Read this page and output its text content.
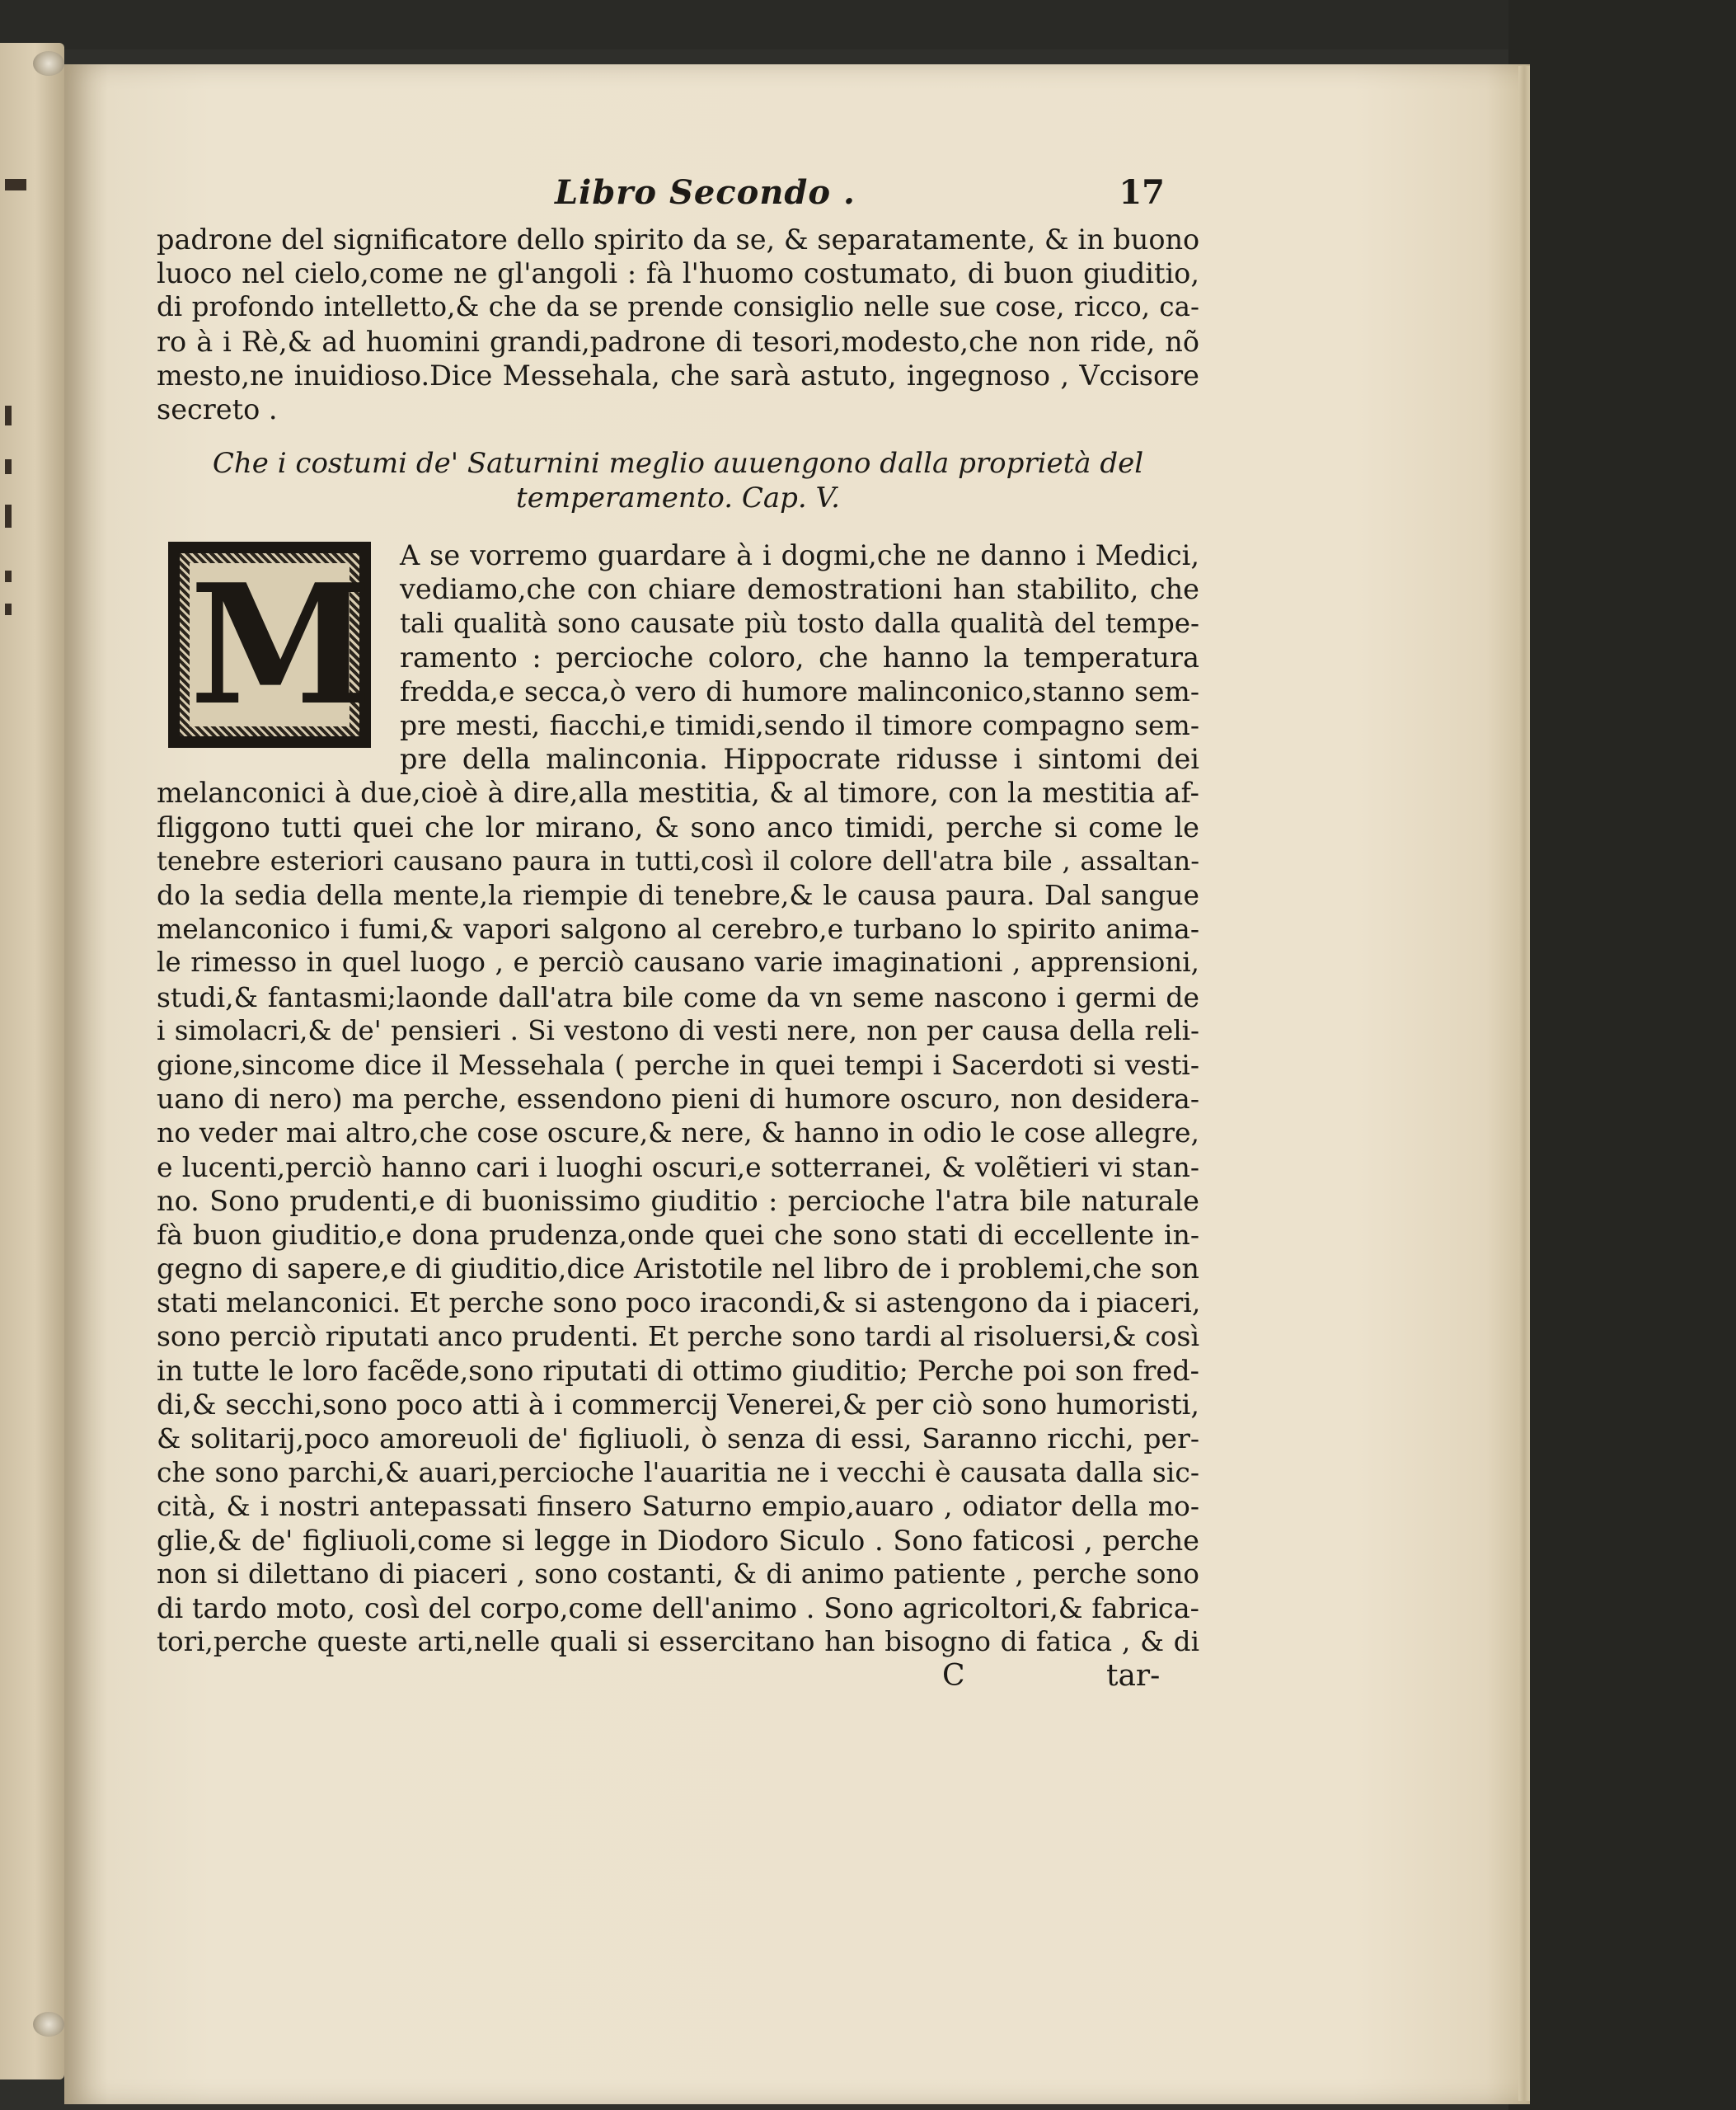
Libro Secondo .	17
padrone del significatore dello spirito da se, & separatamente, & in buono
luoco nel cielo,come ne gl'angoli : fà l'huomo costumato, di buon giuditio,
di profondo intelletto,& che da se prende consiglio nelle sue cose, ricco, ca-
ro à i Rè,& ad huomini grandi,padrone di tesori,modesto,che non ride, nõ
mesto,ne inuidioso.Dice Messehala, che sarà astuto, ingegnoso , Vccisore
secreto .
Che i costumi de' Saturnini meglio auuengono dalla proprietà del
temperamento. Cap. V.
M	A se vorremo guardare à i dogmi,che ne danno i Medici,
vediamo,che con chiare demostrationi han stabilito, che
tali qualità sono causate più tosto dalla qualità del tempe-
ramento : percioche coloro, che hanno la temperatura
fredda,e secca,ò vero di humore malinconico,stanno sem-
pre mesti, fiacchi,e timidi,sendo il timore compagno sem-
pre della malinconia. Hippocrate ridusse i sintomi dei
melanconici à due,cioè à dire,alla mestitia, & al timore, con la mestitia af-
fliggono tutti quei che lor mirano, & sono anco timidi, perche si come le
tenebre esteriori causano paura in tutti,così il colore dell'atra bile , assaltan-
do la sedia della mente,la riempie di tenebre,& le causa paura. Dal sangue
melanconico i fumi,& vapori salgono al cerebro,e turbano lo spirito anima-
le rimesso in quel luogo , e perciò causano varie imaginationi , apprensioni,
studi,& fantasmi;laonde dall'atra bile come da vn seme nascono i germi de
i simolacri,& de' pensieri . Si vestono di vesti nere, non per causa della reli-
gione,sincome dice il Messehala ( perche in quei tempi i Sacerdoti si vesti-
uano di nero) ma perche, essendono pieni di humore oscuro, non desidera-
no veder mai altro,che cose oscure,& nere, & hanno in odio le cose allegre,
e lucenti,perciò hanno cari i luoghi oscuri,e sotterranei, & volẽtieri vi stan-
no. Sono prudenti,e di buonissimo giuditio : percioche l'atra bile naturale
fà buon giuditio,e dona prudenza,onde quei che sono stati di eccellente in-
gegno di sapere,e di giuditio,dice Aristotile nel libro de i problemi,che son
stati melanconici. Et perche sono poco iracondi,& si astengono da i piaceri,
sono perciò riputati anco prudenti. Et perche sono tardi al risoluersi,& così
in tutte le loro facẽde,sono riputati di ottimo giuditio; Perche poi son fred-
di,& secchi,sono poco atti à i commercij Venerei,& per ciò sono humoristi,
& solitarij,poco amoreuoli de' figliuoli, ò senza di essi, Saranno ricchi, per-
che sono parchi,& auari,percioche l'auaritia ne i vecchi è causata dalla sic-
cità, & i nostri antepassati finsero Saturno empio,auaro , odiator della mo-
glie,& de' figliuoli,come si legge in Diodoro Siculo . Sono faticosi , perche
non si dilettano di piaceri , sono costanti, & di animo patiente , perche sono
di tardo moto, così del corpo,come dell'animo . Sono agricoltori,& fabrica-
tori,perche queste arti,nelle quali si essercitano han bisogno di fatica , & di
C	tar-
